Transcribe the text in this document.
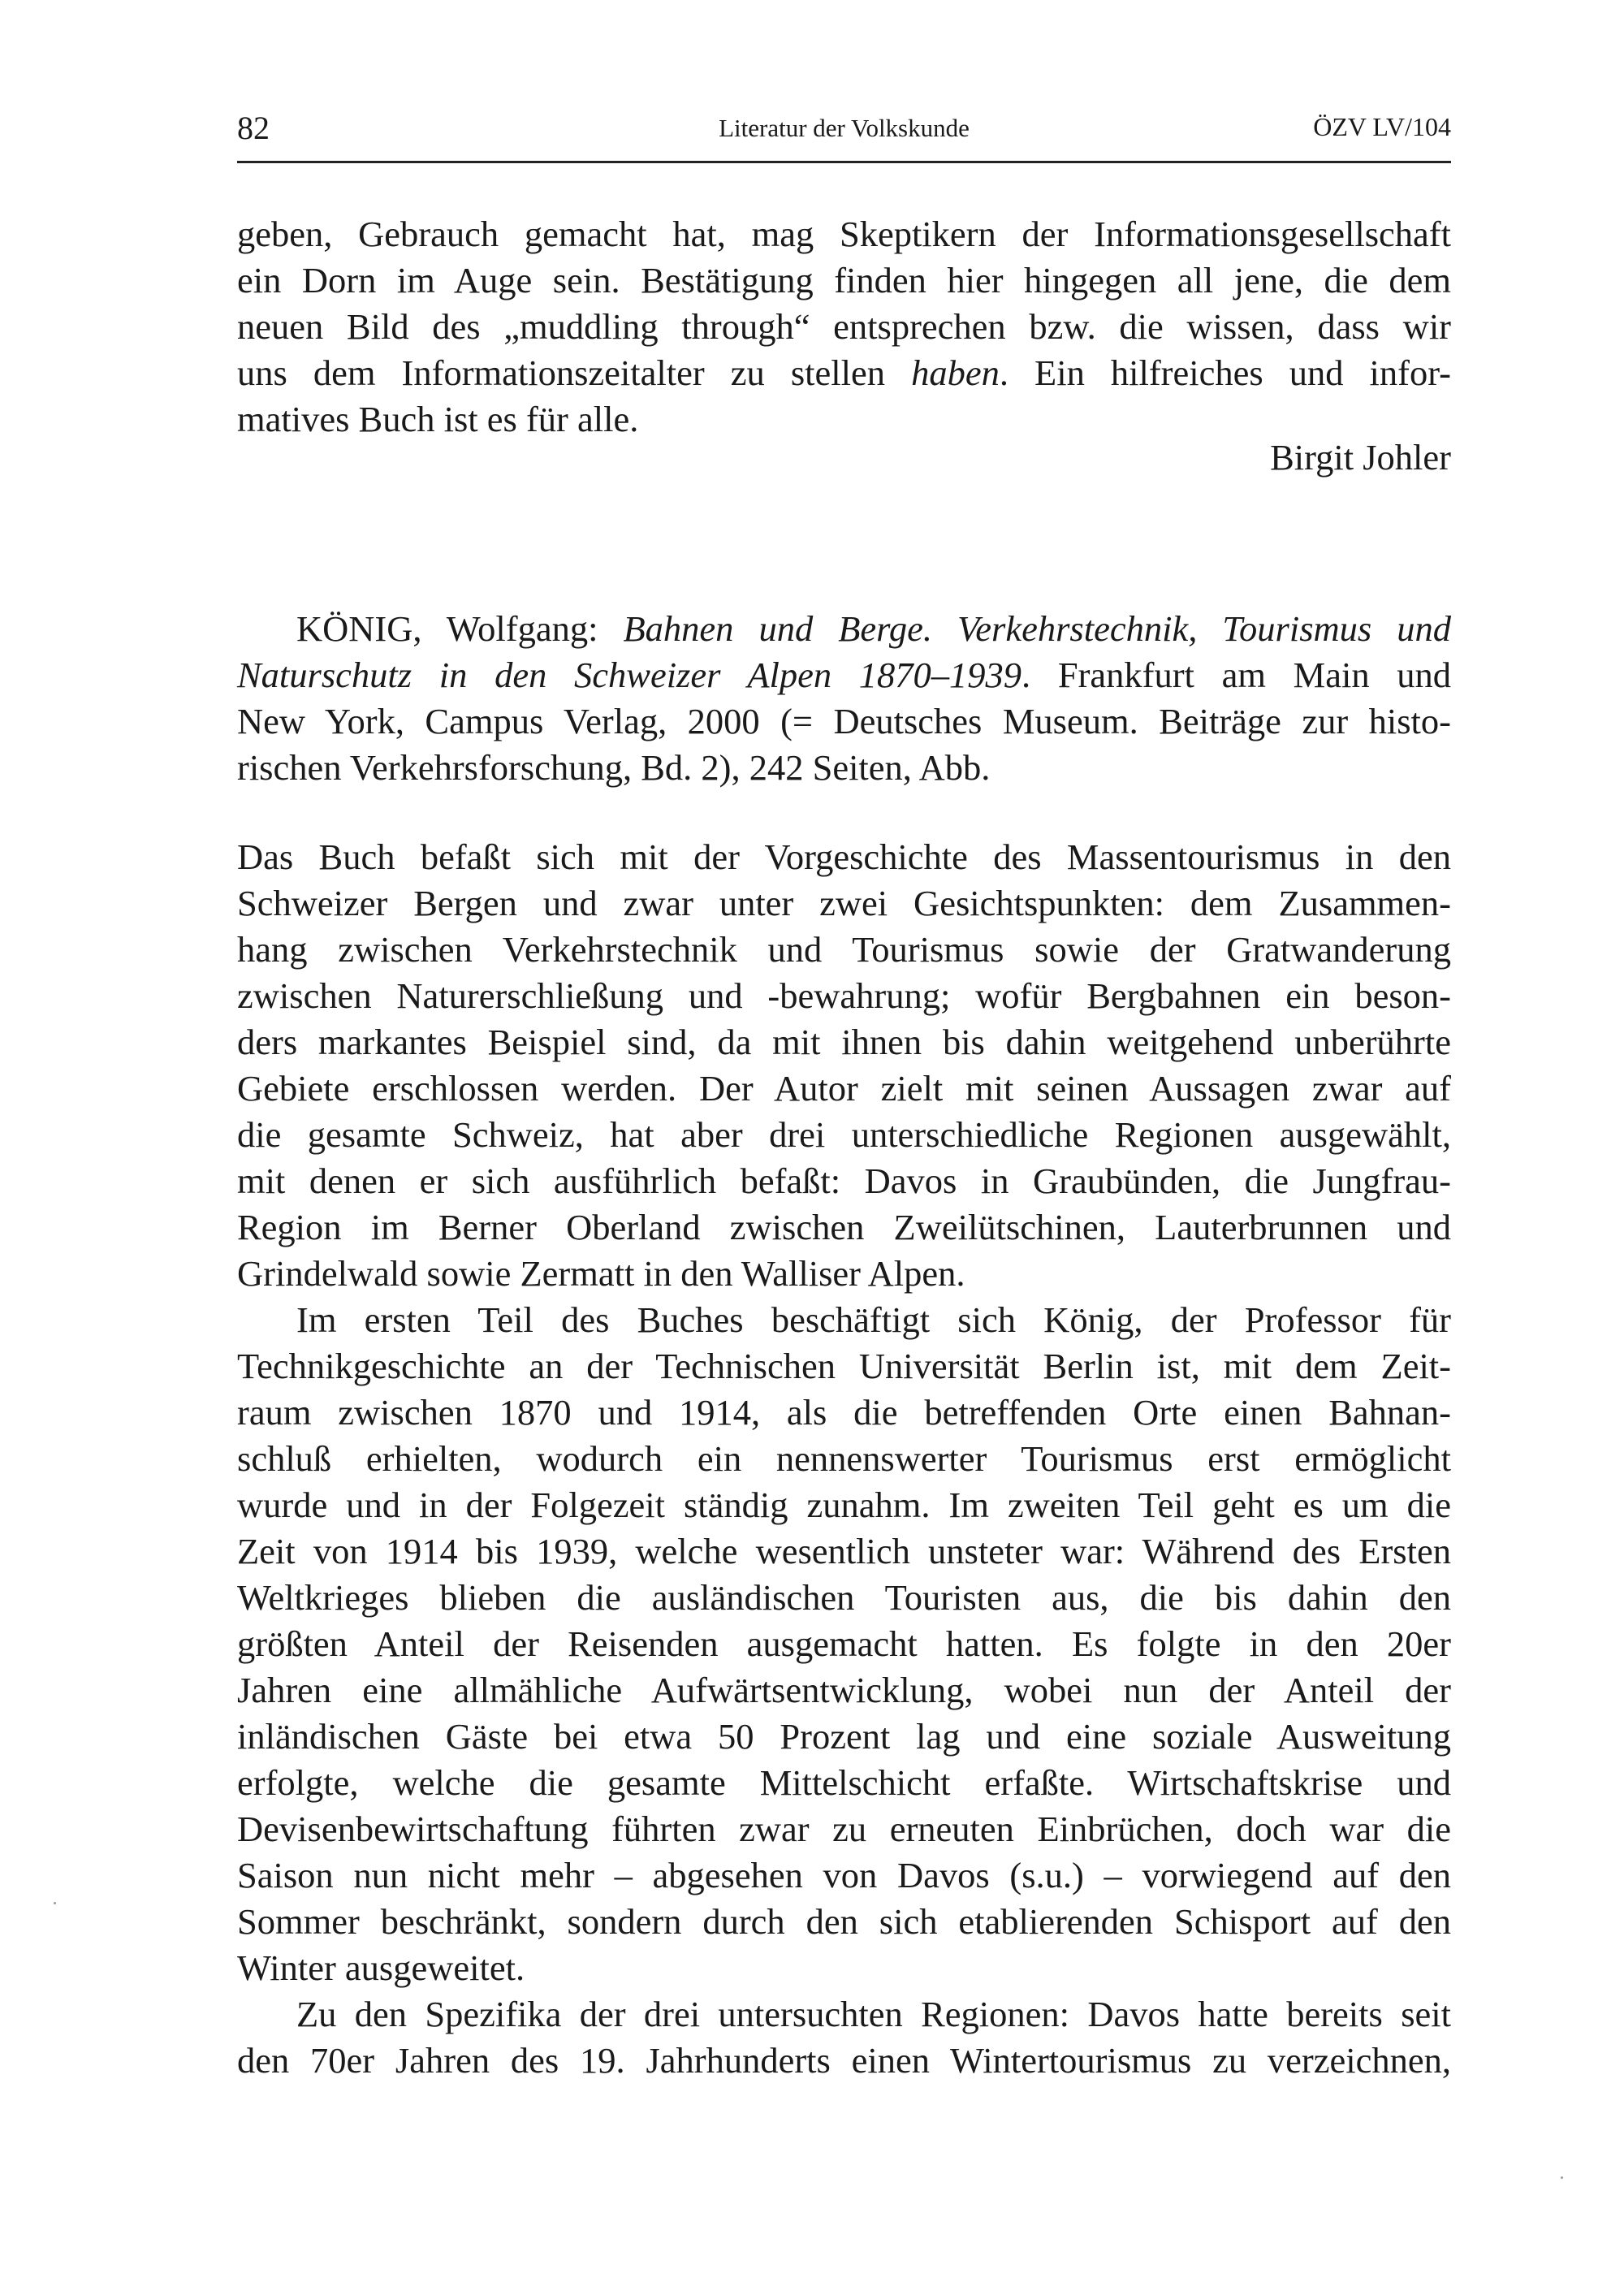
82	Literatur der Volkskunde	ÖZV LV/104
geben, Gebrauch gemacht hat, mag Skeptikern der Informationsgesellschaft
ein Dorn im Auge sein. Bestätigung finden hier hingegen all jene, die dem
neuen Bild des „muddling through“ entsprechen bzw. die wissen, dass wir
uns dem Informationszeitalter zu stellen haben. Ein hilfreiches und infor-
matives Buch ist es für alle.
Birgit Johler
KÖNIG, Wolfgang: Bahnen und Berge. Verkehrstechnik, Tourismus und
Naturschutz in den Schweizer Alpen 1870–1939. Frankfurt am Main und
New York, Campus Verlag, 2000 (= Deutsches Museum. Beiträge zur histo-
rischen Verkehrsforschung, Bd. 2), 242 Seiten, Abb.
Das Buch befaßt sich mit der Vorgeschichte des Massentourismus in den
Schweizer Bergen und zwar unter zwei Gesichtspunkten: dem Zusammen-
hang zwischen Verkehrstechnik und Tourismus sowie der Gratwanderung
zwischen Naturerschließung und -bewahrung; wofür Bergbahnen ein beson-
ders markantes Beispiel sind, da mit ihnen bis dahin weitgehend unberührte
Gebiete erschlossen werden. Der Autor zielt mit seinen Aussagen zwar auf
die gesamte Schweiz, hat aber drei unterschiedliche Regionen ausgewählt,
mit denen er sich ausführlich befaßt: Davos in Graubünden, die Jungfrau-
Region im Berner Oberland zwischen Zweilütschinen, Lauterbrunnen und
Grindelwald sowie Zermatt in den Walliser Alpen.
Im ersten Teil des Buches beschäftigt sich König, der Professor für
Technikgeschichte an der Technischen Universität Berlin ist, mit dem Zeit-
raum zwischen 1870 und 1914, als die betreffenden Orte einen Bahnan-
schluß erhielten, wodurch ein nennenswerter Tourismus erst ermöglicht
wurde und in der Folgezeit ständig zunahm. Im zweiten Teil geht es um die
Zeit von 1914 bis 1939, welche wesentlich unsteter war: Während des Ersten
Weltkrieges blieben die ausländischen Touristen aus, die bis dahin den
größten Anteil der Reisenden ausgemacht hatten. Es folgte in den 20er
Jahren eine allmähliche Aufwärtsentwicklung, wobei nun der Anteil der
inländischen Gäste bei etwa 50 Prozent lag und eine soziale Ausweitung
erfolgte, welche die gesamte Mittelschicht erfaßte. Wirtschaftskrise und
Devisenbewirtschaftung führten zwar zu erneuten Einbrüchen, doch war die
Saison nun nicht mehr – abgesehen von Davos (s.u.) – vorwiegend auf den
Sommer beschränkt, sondern durch den sich etablierenden Schisport auf den
Winter ausgeweitet.
Zu den Spezifika der drei untersuchten Regionen: Davos hatte bereits seit
den 70er Jahren des 19. Jahrhunderts einen Wintertourismus zu verzeichnen,
